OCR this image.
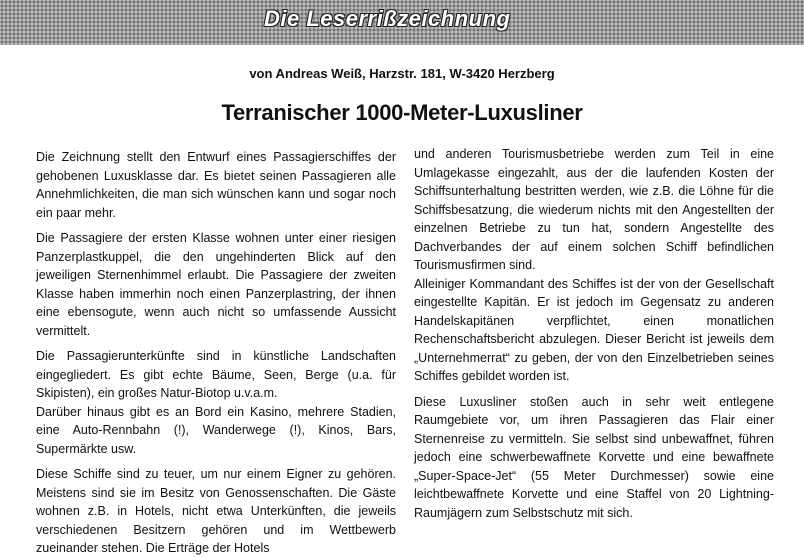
Die Leserrißzeichnung

von Andreas Weiß, Harzstr. 181, W-3420 Herzberg

Terranischer 1000-Meter-Luxusliner

Die Zeichnung stellt den Entwurf eines Passagierschiffes der gehobenen Luxusklasse dar. Es bietet seinen Passagieren alle Annehmlichkeiten, die man sich wünschen kann und sogar noch ein paar mehr.

Die Passagiere der ersten Klasse wohnen unter einer riesigen Panzerplastkuppel, die den ungehinderten Blick auf den jeweiligen Sternenhimmel erlaubt. Die Passagiere der zweiten Klasse haben immerhin noch einen Panzerplastring, der ihnen eine ebensogute, wenn auch nicht so umfassende Aussicht vermittelt.

Die Passagierunterkünfte sind in künstliche Landschaften eingegliedert. Es gibt echte Bäume, Seen, Berge (u.a. für Skipisten), ein großes Natur-Biotop u.v.a.m.

Darüber hinaus gibt es an Bord ein Kasino, mehrere Stadien, eine Auto-Rennbahn (!), Wanderwege (!), Kinos, Bars, Supermärkte usw.

Diese Schiffe sind zu teuer, um nur einem Eigner zu gehören. Meistens sind sie im Besitz von Genossenschaften. Die Gäste wohnen z.B. in Hotels, nicht etwa Unterkünften, die jeweils verschiedenen Besitzern gehören und im Wettbewerb zueinander stehen. Die Erträge der Hotels

und anderen Tourismusbetriebe werden zum Teil in eine Umlagekasse eingezahlt, aus der die laufenden Kosten der Schiffsunterhaltung bestritten werden, wie z.B. die Löhne für die Schiffsbesatzung, die wiederum nichts mit den Angestellten der einzelnen Betriebe zu tun hat, sondern Angestellte des Dachverbandes der auf einem solchen Schiff befindlichen Tourismusfirmen sind.

Alleiniger Kommandant des Schiffes ist der von der Gesellschaft eingestellte Kapitän. Er ist jedoch im Gegensatz zu anderen Handelskapitänen verpflichtet, einen monatlichen Rechenschaftsbericht abzulegen. Dieser Bericht ist jeweils dem „Unternehmerrat“ zu geben, der von den Einzelbetrieben seines Schiffes gebildet worden ist.

Diese Luxusliner stoßen auch in sehr weit entlegene Raumgebiete vor, um ihren Passagieren das Flair einer Sternenreise zu vermitteln. Sie selbst sind unbewaffnet, führen jedoch eine schwerbewaffnete Korvette und eine bewaffnete „Super-Space-Jet“ (55 Meter Durchmesser) sowie eine leichtbewaffnete Korvette und eine Staffel von 20 Lightning-Raumjägern zum Selbstschutz mit sich.
